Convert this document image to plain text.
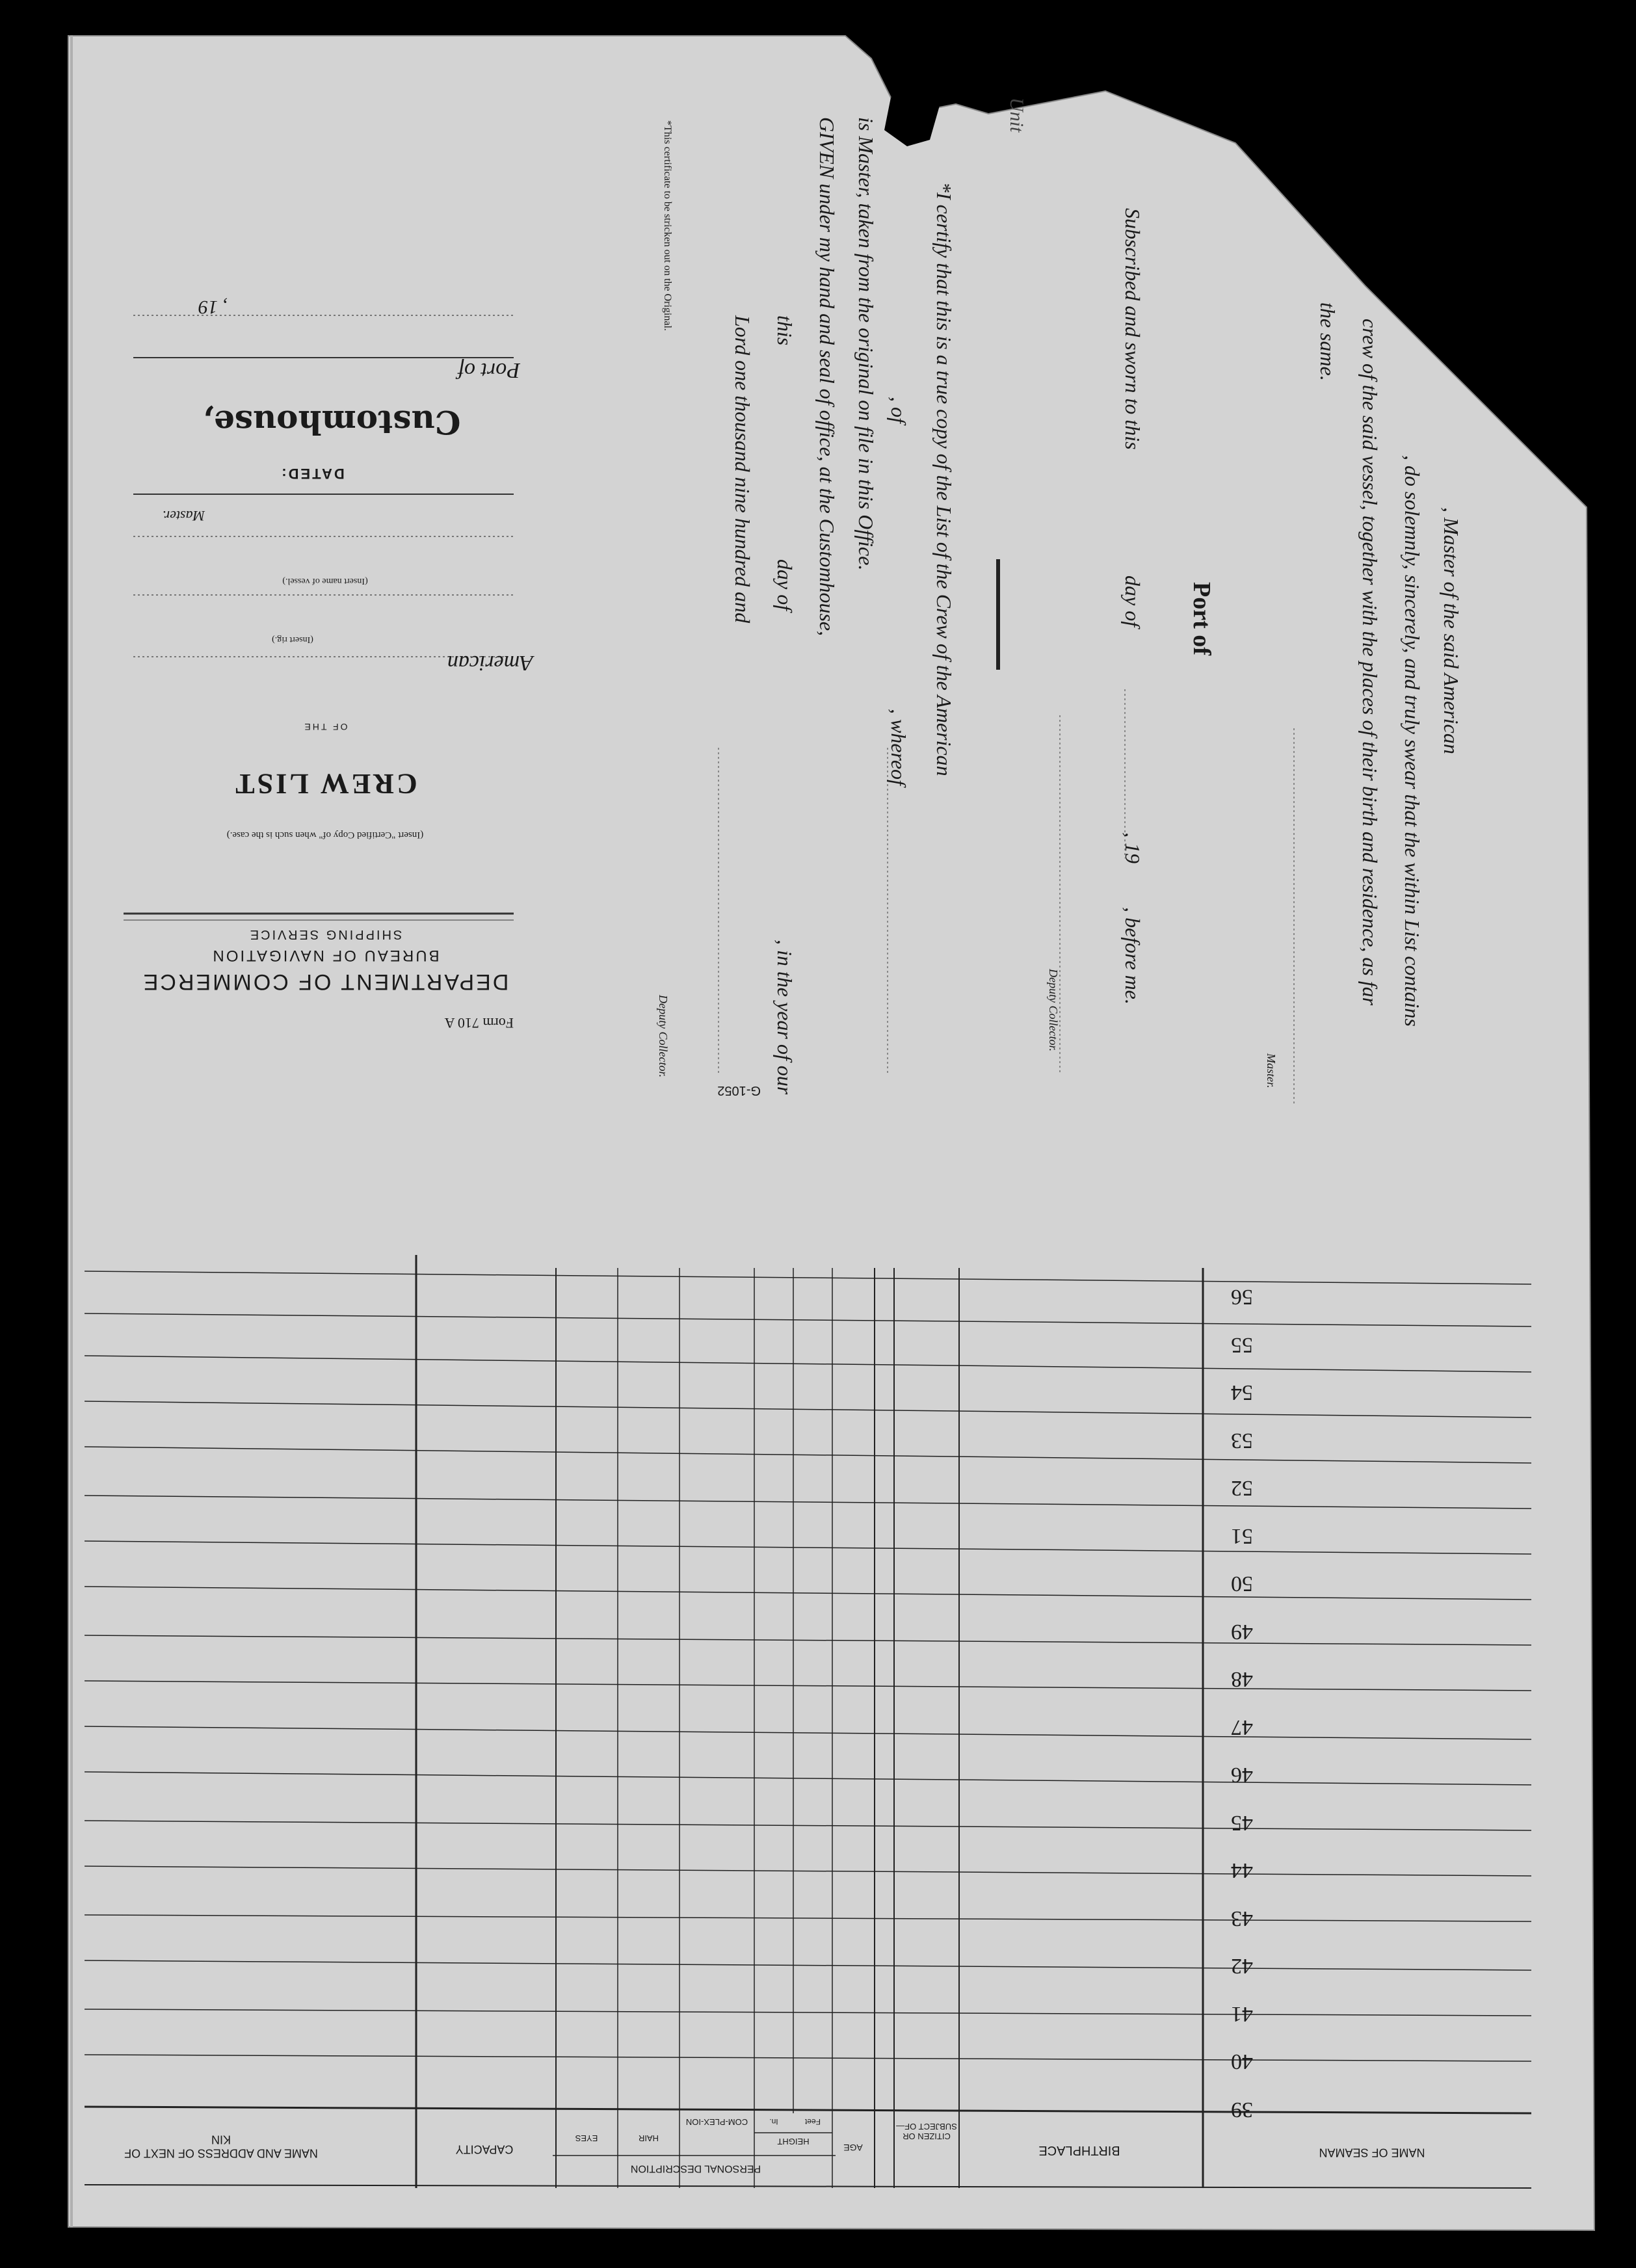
G-1052
Form 710 A
DEPARTMENT OF COMMERCE
BUREAU OF NAVIGATION
SHIPPING SERVICE
(Insert "Certified Copy of" when such is the case.)
CREW LIST
OF THE
American
(Insert rig.)
(Insert name of vessel.)
Master.
DATED:
Customhouse,
Port of
, 19	*This certificate to be stricken out on the Original.	*I certify that this is a true copy of the List of the Crew of the American
, of
, whereof
is Master, taken from the original on file in this Office.
GIVEN under my hand and seal of office, at the Customhouse,
this
day of
, in the year of our
Lord one thousand nine hundred and
Deputy Collector.
Unit
, Master of the said American
, do solemnly, sincerely, and truly swear that the within List contains
crew of the said vessel, together with the places of their birth and residence, as far
the same.
Master.
Port of
Subscribed and sworn to this
day of
, 19
, before me.
Deputy Collector.
56
55
54
53
52
51
50
49
48
47
46
45
44
43
42
41
40
39
NAME OF SEAMAN
BIRTHPLACE
CITIZEN OR SUBJECT OF—
AGE
PERSONAL DESCRIPTION
HEIGHT
Feet
In.
COM-PLEX-ION
HAIR
EYES
CAPACITY
NAME AND ADDRESS OF NEXT OF KIN
